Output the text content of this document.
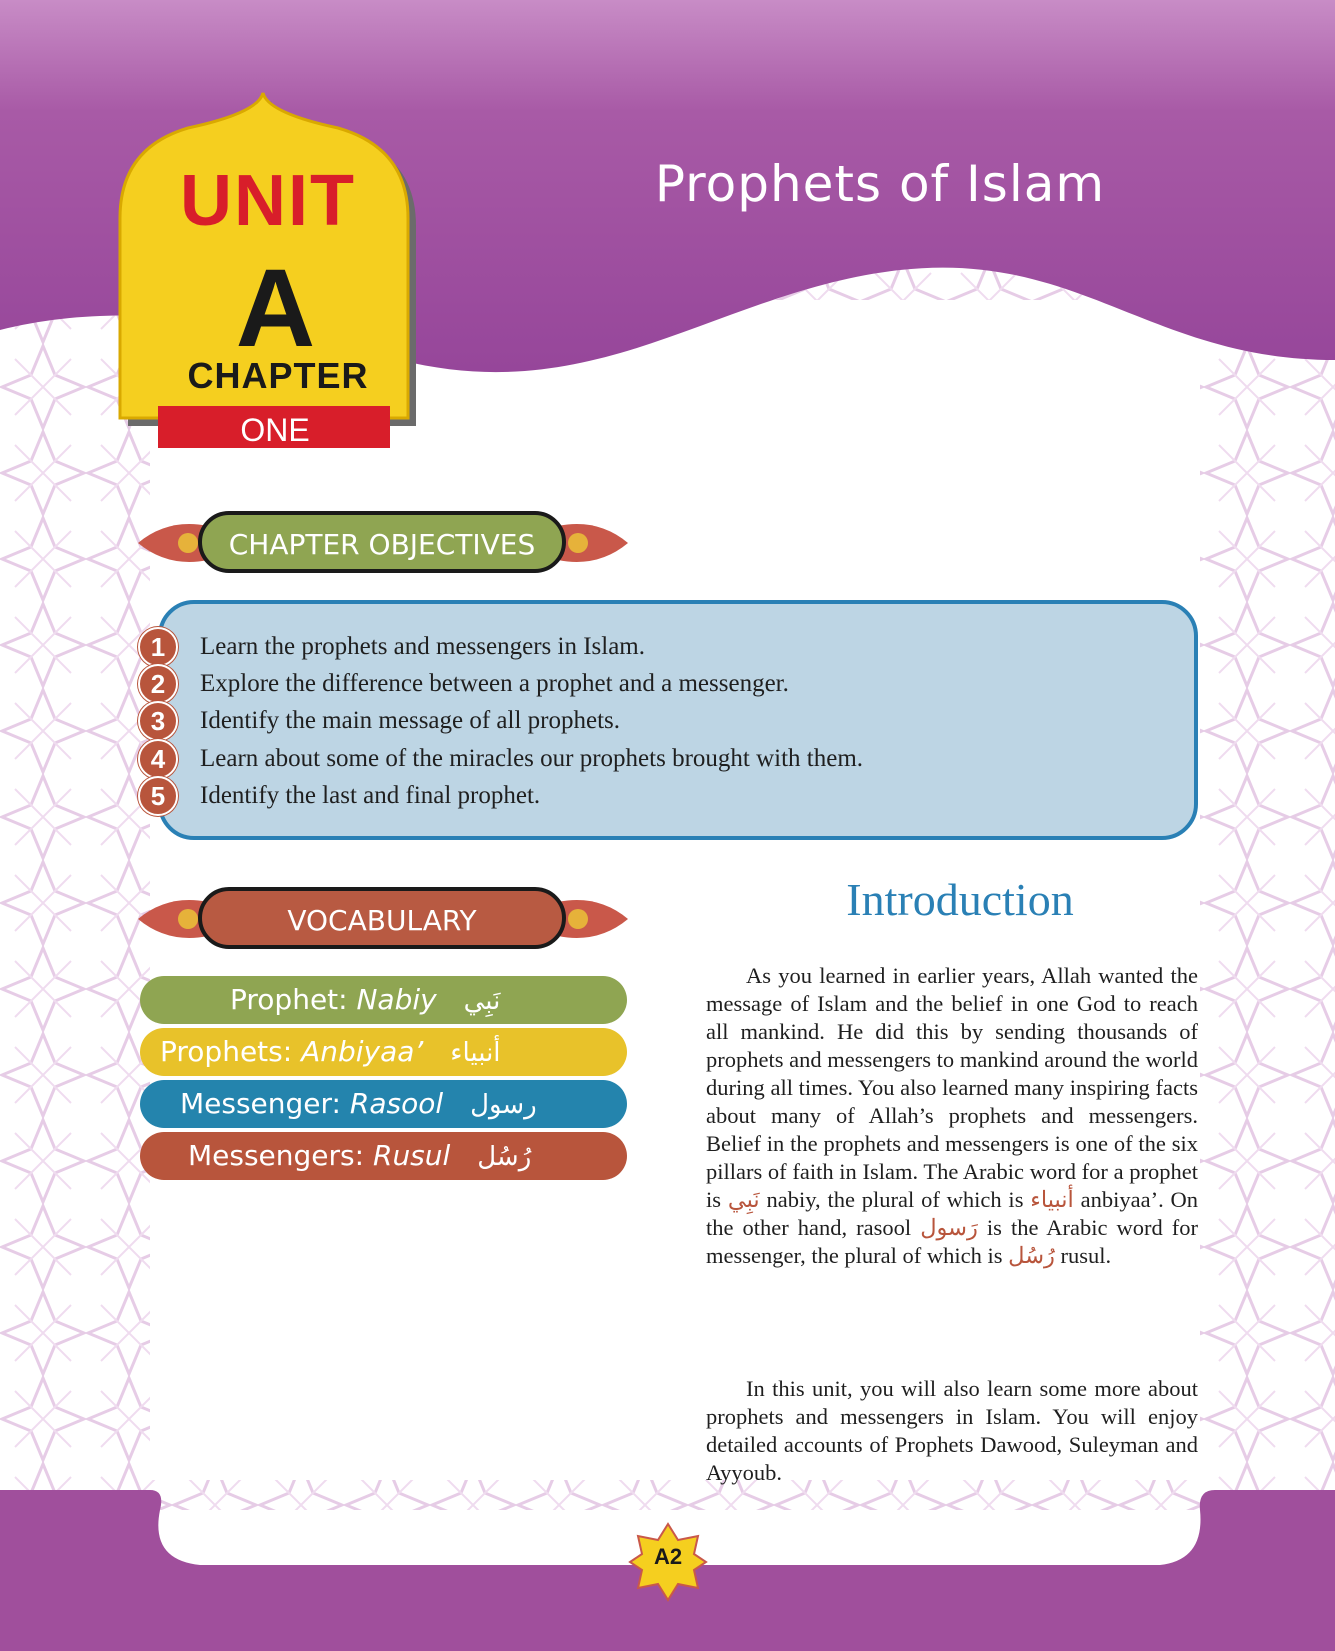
Prophets of Islam
UNIT
A
CHAPTER
ONE
CHAPTER OBJECTIVES
1	Learn the prophets and messengers in Islam.
2	Explore the difference between a prophet and a messenger.
3	Identify the main message of all prophets.
4	Learn about some of the miracles our prophets brought with them.
5	Identify the last and final prophet.
VOCABULARY
Prophet: Nabiy نَبِي
Prophets: Anbiyaa’ أنبياء
Messenger: Rasool رسول
Messengers: Rusul رُسُل
Introduction
As you learned in earlier years, Allah wanted the message of Islam and the belief in one God to reach all mankind. He did this by sending thousands of prophets and messengers to mankind around the world during all times. You also learned many inspiring facts about many of Allah’s prophets and messengers. Belief in the prophets and messengers is one of the six pillars of faith in Islam. The Arabic word for a prophet is نَبِي nabiy, the plural of which is أنبياء anbiyaa’. On the other hand, rasool رَسول is the Arabic word for messenger, the plural of which is رُسُل rusul.
In this unit, you will also learn some more about prophets and messengers in Islam. You will enjoy detailed accounts of Prophets Dawood, Suleyman and Ayyoub.
A2
